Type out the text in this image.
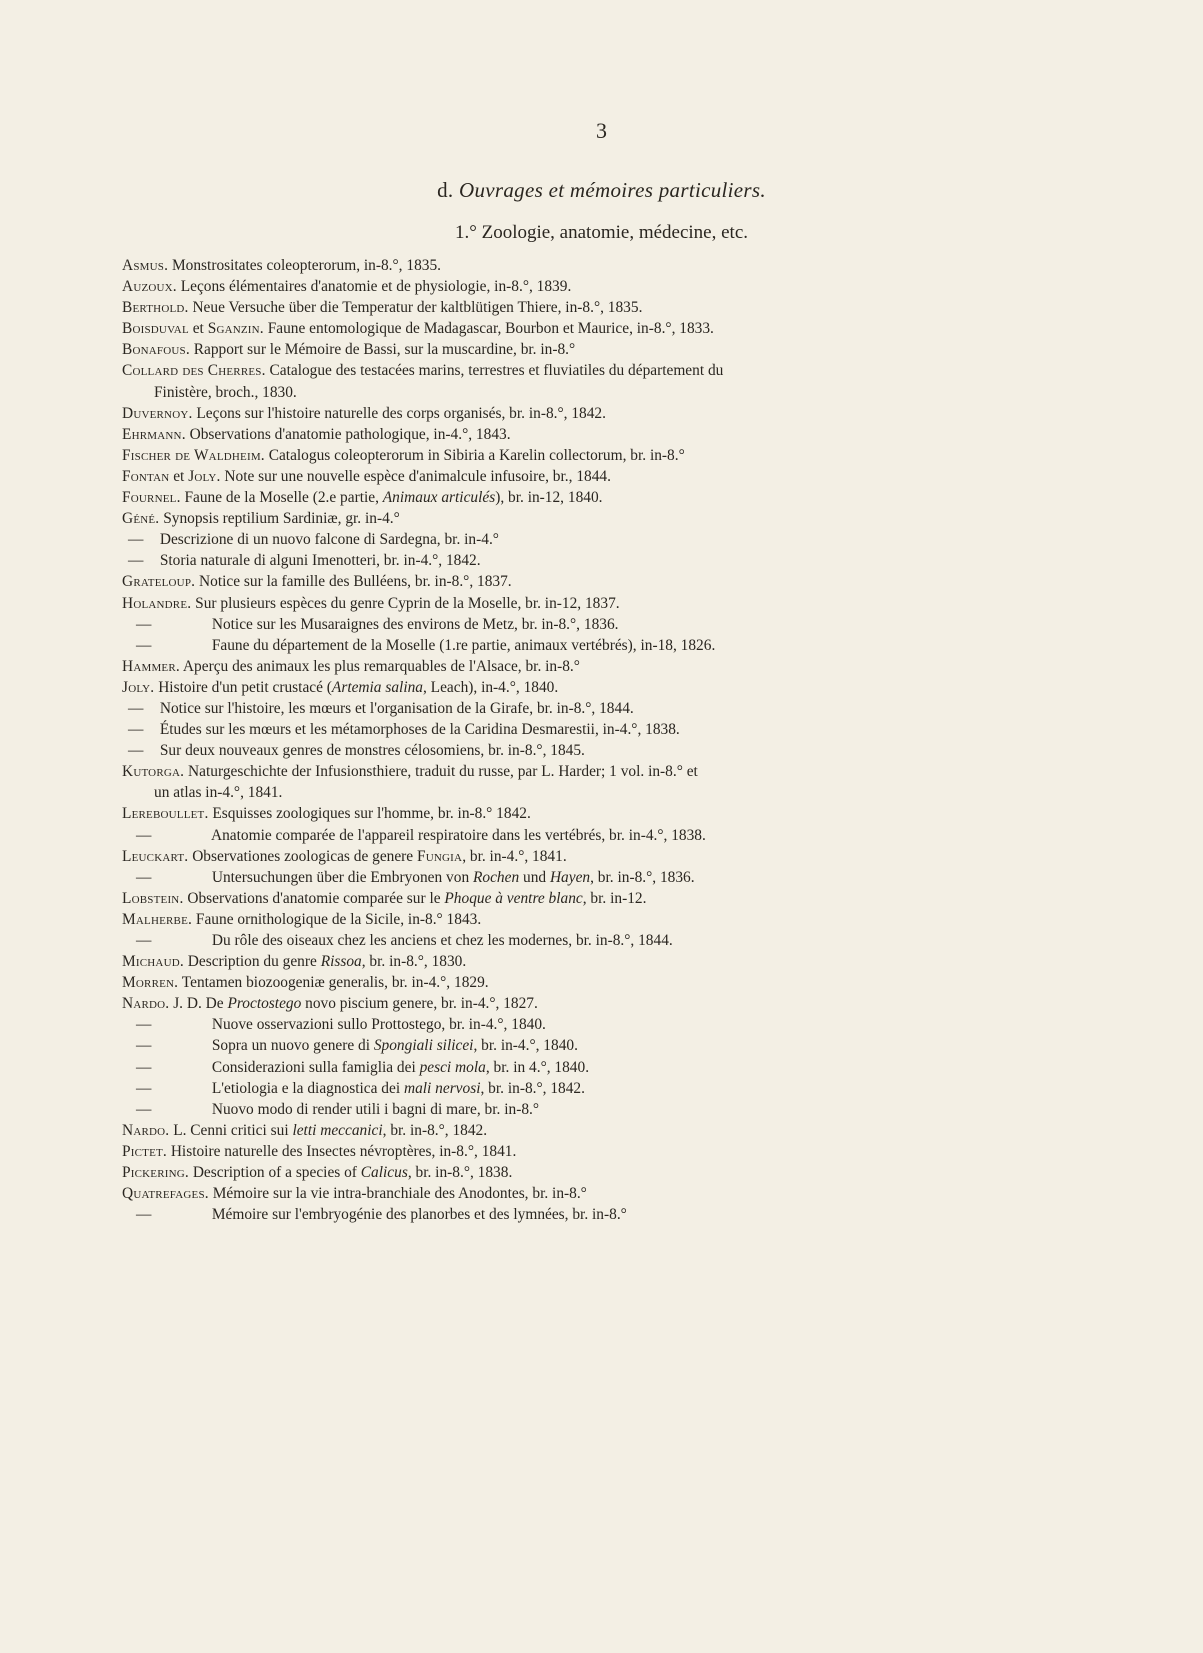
3
d. Ouvrages et mémoires particuliers.
1.° Zoologie, anatomie, médecine, etc.
Asmus. Monstrositates coleopterorum, in-8.°, 1835.
Auzoux. Leçons élémentaires d'anatomie et de physiologie, in-8.°, 1839.
Berthold. Neue Versuche über die Temperatur der kaltblütigen Thiere, in-8.°, 1835.
Boisduval et Sganzin. Faune entomologique de Madagascar, Bourbon et Maurice, in-8.°, 1833.
Bonafous. Rapport sur le Mémoire de Bassi, sur la muscardine, br. in-8.°
Collard des Cherres. Catalogue des testacées marins, terrestres et fluviatiles du département du
Finistère, broch., 1830.
Duvernoy. Leçons sur l'histoire naturelle des corps organisés, br. in-8.°, 1842.
Ehrmann. Observations d'anatomie pathologique, in-4.°, 1843.
Fischer de Waldheim. Catalogus coleopterorum in Sibiria a Karelin collectorum, br. in-8.°
Fontan et Joly. Note sur une nouvelle espèce d'animalcule infusoire, br., 1844.
Fournel. Faune de la Moselle (2.e partie, Animaux articulés), br. in-12, 1840.
Géné. Synopsis reptilium Sardiniæ, gr. in-4.°
— Descrizione di un nuovo falcone di Sardegna, br. in-4.°
— Storia naturale di alguni Imenotteri, br. in-4.°, 1842.
Grateloup. Notice sur la famille des Bulléens, br. in-8.°, 1837.
Holandre. Sur plusieurs espèces du genre Cyprin de la Moselle, br. in-12, 1837.
—	Notice sur les Musaraignes des environs de Metz, br. in-8.°, 1836.
—	Faune du département de la Moselle (1.re partie, animaux vertébrés), in-18, 1826.
Hammer. Aperçu des animaux les plus remarquables de l'Alsace, br. in-8.°
Joly. Histoire d'un petit crustacé (Artemia salina, Leach), in-4.°, 1840.
— Notice sur l'histoire, les mœurs et l'organisation de la Girafe, br. in-8.°, 1844.
— Études sur les mœurs et les métamorphoses de la Caridina Desmarestii, in-4.°, 1838.
— Sur deux nouveaux genres de monstres célosomiens, br. in-8.°, 1845.
Kutorga. Naturgeschichte der Infusionsthiere, traduit du russe, par L. Harder; 1 vol. in-8.° et
un atlas in-4.°, 1841.
Lereboullet. Esquisses zoologiques sur l'homme, br. in-8.° 1842.
—	Anatomie comparée de l'appareil respiratoire dans les vertébrés, br. in-4.°, 1838.
Leuckart. Observationes zoologicas de genere Fungia, br. in-4.°, 1841.
—	Untersuchungen über die Embryonen von Rochen und Hayen, br. in-8.°, 1836.
Lobstein. Observations d'anatomie comparée sur le Phoque à ventre blanc, br. in-12.
Malherbe. Faune ornithologique de la Sicile, in-8.° 1843.
—	Du rôle des oiseaux chez les anciens et chez les modernes, br. in-8.°, 1844.
Michaud. Description du genre Rissoa, br. in-8.°, 1830.
Morren. Tentamen biozoogeniæ generalis, br. in-4.°, 1829.
Nardo. J. D. De Proctostego novo piscium genere, br. in-4.°, 1827.
—	Nuove osservazioni sullo Prottostego, br. in-4.°, 1840.
—	Sopra un nuovo genere di Spongiali silicei, br. in-4.°, 1840.
—	Considerazioni sulla famiglia dei pesci mola, br. in 4.°, 1840.
—	L'etiologia e la diagnostica dei mali nervosi, br. in-8.°, 1842.
—	Nuovo modo di render utili i bagni di mare, br. in-8.°
Nardo. L. Cenni critici sui letti meccanici, br. in-8.°, 1842.
Pictet. Histoire naturelle des Insectes névroptères, in-8.°, 1841.
Pickering. Description of a species of Calicus, br. in-8.°, 1838.
Quatrefages. Mémoire sur la vie intra-branchiale des Anodontes, br. in-8.°
—	Mémoire sur l'embryogénie des planorbes et des lymnées, br. in-8.°
